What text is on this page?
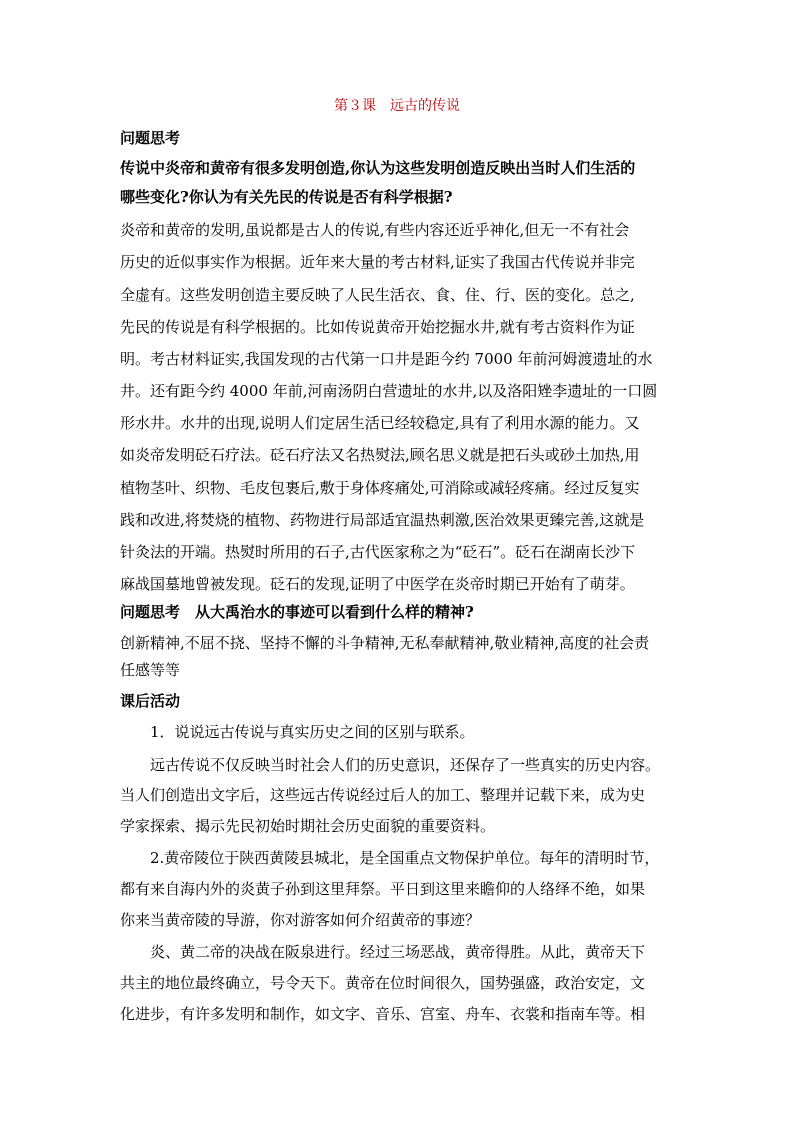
第３课　远古的传说
问题思考
传说中炎帝和黄帝有很多发明创造,你认为这些发明创造反映出当时人们生活的
哪些变化?你认为有关先民的传说是否有科学根据?
炎帝和黄帝的发明,虽说都是古人的传说,有些内容还近乎神化,但无一不有社会
历史的近似事实作为根据。近年来大量的考古材料,证实了我国古代传说并非完
全虚有。这些发明创造主要反映了人民生活衣、食、住、行、医的变化。总之,
先民的传说是有科学根据的。比如传说黄帝开始挖掘水井,就有考古资料作为证
明。考古材料证实,我国发现的古代第一口井是距今约 7000 年前河姆渡遗址的水
井。还有距今约 4000 年前,河南汤阴白营遗址的水井,以及洛阳矬李遗址的一口圆
形水井。水井的出现,说明人们定居生活已经较稳定,具有了利用水源的能力。又
如炎帝发明砭石疗法。砭石疗法又名热熨法,顾名思义就是把石头或砂土加热,用
植物茎叶、织物、毛皮包裹后,敷于身体疼痛处,可消除或减轻疼痛。经过反复实
践和改进,将焚烧的植物、药物进行局部适宜温热刺激,医治效果更臻完善,这就是
针灸法的开端。热熨时所用的石子,古代医家称之为“砭石”。砭石在湖南长沙下
麻战国墓地曾被发现。砭石的发现,证明了中医学在炎帝时期已开始有了萌芽。
问题思考　从大禹治水的事迹可以看到什么样的精神?
创新精神,不屈不挠、坚持不懈的斗争精神,无私奉献精神,敬业精神,高度的社会责
任感等等
课后活动
1．说说远古传说与真实历史之间的区别与联系。
远古传说不仅反映当时社会人们的历史意识，还保存了一些真实的历史内容。
当人们创造出文字后，这些远古传说经过后人的加工、整理并记载下来，成为史
学家探索、揭示先民初始时期社会历史面貌的重要资料。
2.黄帝陵位于陕西黄陵县城北，是全国重点文物保护单位。每年的清明时节，
都有来自海内外的炎黄子孙到这里拜祭。平日到这里来瞻仰的人络绎不绝，如果
你来当黄帝陵的导游，你对游客如何介绍黄帝的事迹？
炎、黄二帝的决战在阪泉进行。经过三场恶战，黄帝得胜。从此，黄帝天下
共主的地位最终确立，号令天下。黄帝在位时间很久，国势强盛，政治安定，文
化进步，有许多发明和制作，如文字、音乐、宫室、舟车、衣裳和指南车等。相
